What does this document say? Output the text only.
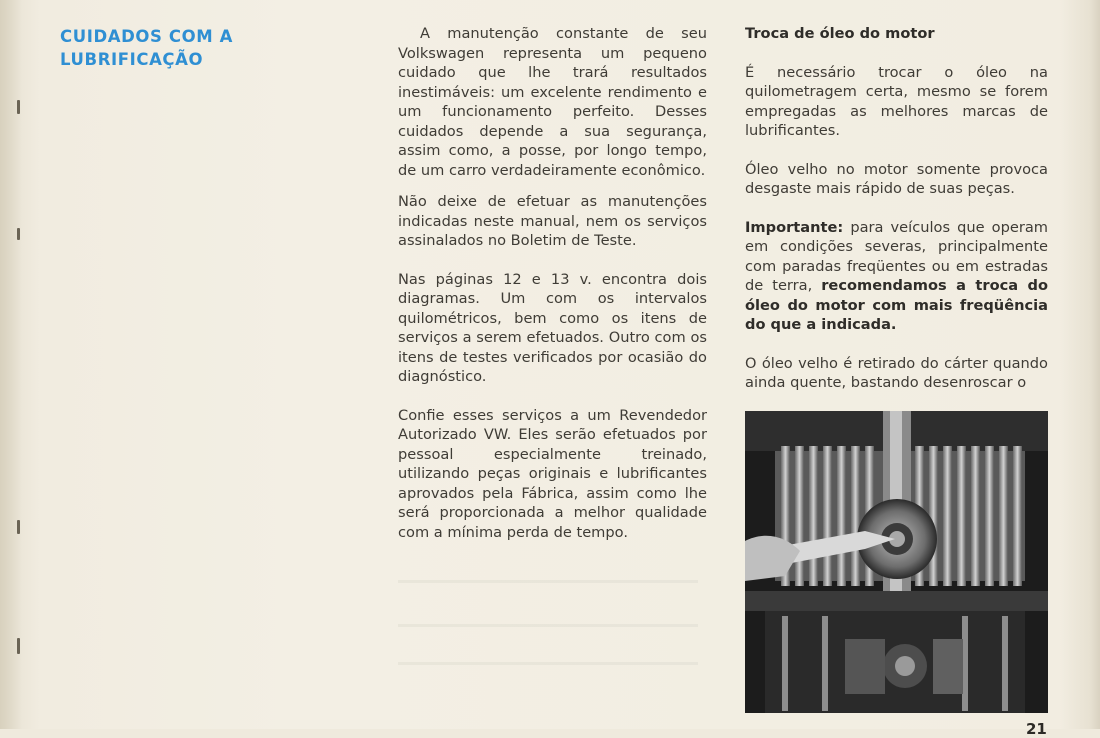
CUIDADOS COM A
LUBRIFICAÇÃO

A manutenção constante de seu Volkswagen representa um pequeno cuidado que lhe trará resultados inestimáveis: um excelente rendimento e um funcionamento perfeito. Desses cuidados depende a sua segurança, assim como, a posse, por longo tempo, de um carro verdadeiramente econômico.

Não deixe de efetuar as manutenções indicadas neste manual, nem os serviços assinalados no Boletim de Teste.

Nas páginas 12 e 13 v. encontra dois diagramas. Um com os intervalos quilométricos, bem como os itens de serviços a serem efetuados. Outro com os itens de testes verificados por ocasião do diagnóstico.

Confie esses serviços a um Revendedor Autorizado VW. Eles serão efetuados por pessoal especialmente treinado, utilizando peças originais e lubrificantes aprovados pela Fábrica, assim como lhe será proporcionada a melhor qualidade com a mínima perda de tempo.

Troca de óleo do motor

É necessário trocar o óleo na quilometragem certa, mesmo se forem empregadas as melhores marcas de lubrificantes.

Óleo velho no motor somente provoca desgaste mais rápido de suas peças.

Importante: para veículos que operam em condições severas, principalmente com paradas freqüentes ou em estradas de terra, recomendamos a troca do óleo do motor com mais freqüência do que a indicada.

O óleo velho é retirado do cárter quando ainda quente, bastando desenroscar o

21
